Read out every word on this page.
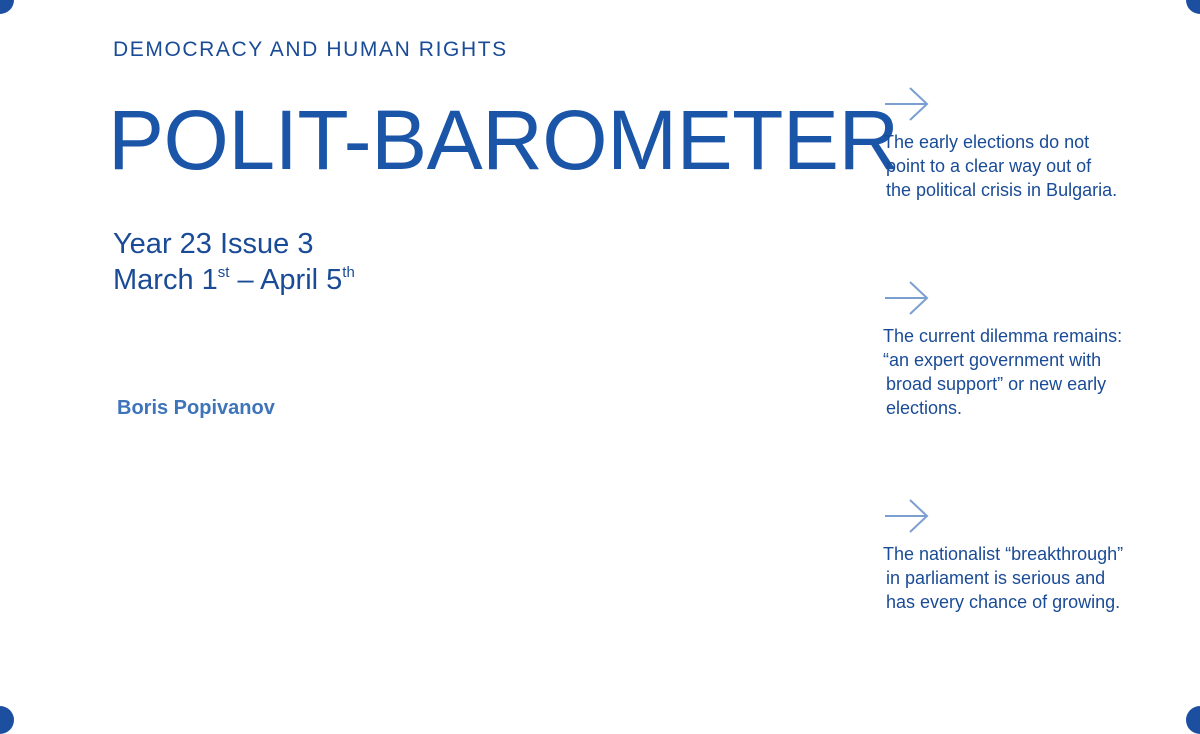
DEMOCRACY AND HUMAN RIGHTS
POLIT-BAROMETER
Year 23 Issue 3
March 1st – April 5th
Boris Popivanov
The early elections do not
point to a clear way out of
the political crisis in Bulgaria.
The current dilemma remains:
“an expert government with
broad support” or new early
elections.
The nationalist “breakthrough”
in parliament is serious and
has every chance of growing.
